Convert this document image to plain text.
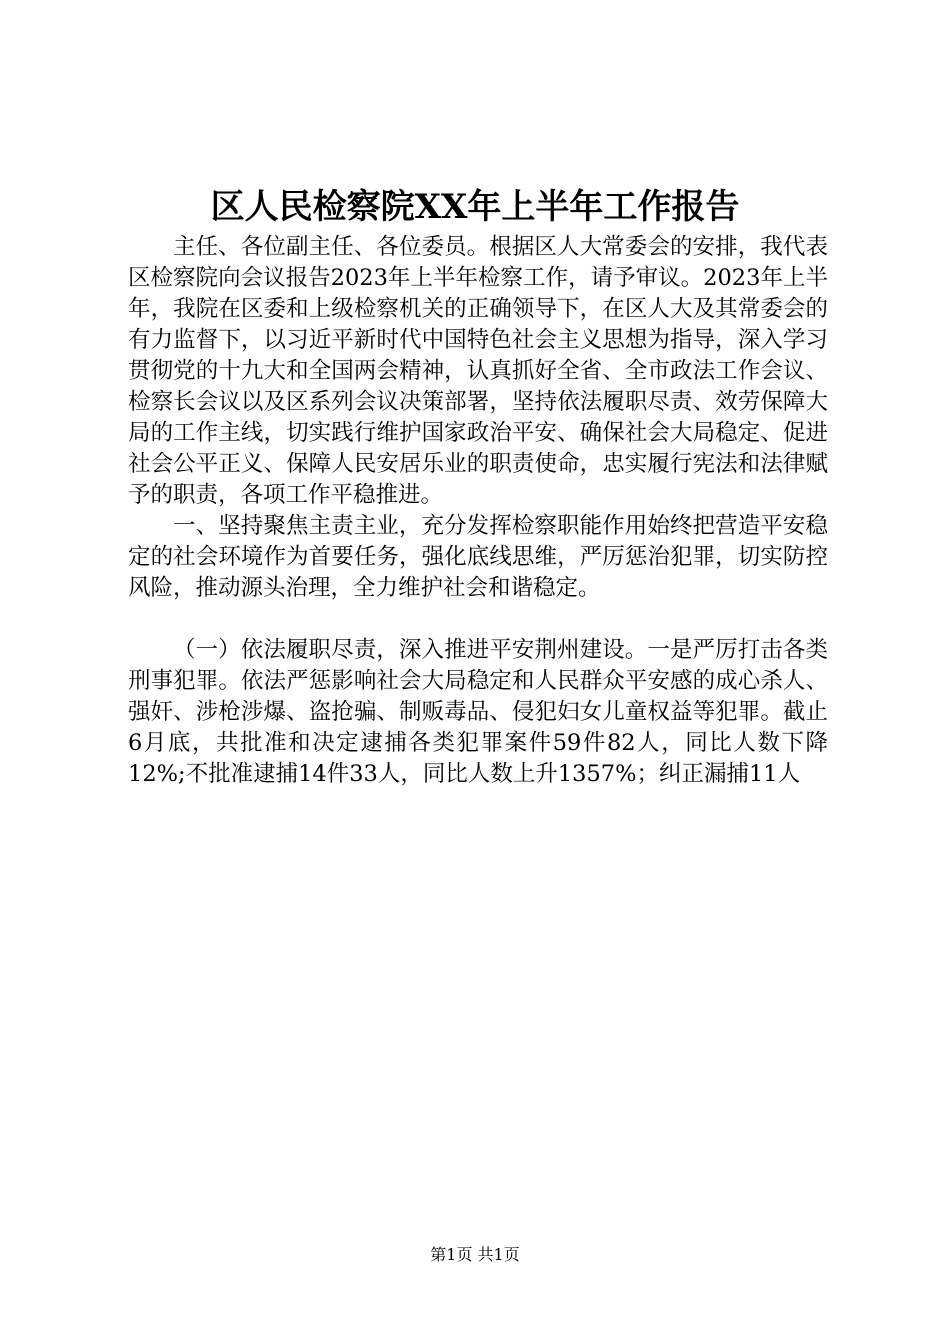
区人民检察院XX年上半年工作报告

主任、各位副主任、各位委员。根据区人大常委会的安排，我代表区检察院向会议报告2023年上半年检察工作，请予审议。2023年上半年，我院在区委和上级检察机关的正确领导下，在区人大及其常委会的有力监督下，以习近平新时代中国特色社会主义思想为指导，深入学习贯彻党的十九大和全国两会精神，认真抓好全省、全市政法工作会议、检察长会议以及区系列会议决策部署，坚持依法履职尽责、效劳保障大局的工作主线，切实践行维护国家政治平安、确保社会大局稳定、促进社会公平正义、保障人民安居乐业的职责使命，忠实履行宪法和法律赋予的职责，各项工作平稳推进。

一、坚持聚焦主责主业，充分发挥检察职能作用始终把营造平安稳定的社会环境作为首要任务，强化底线思维，严厉惩治犯罪，切实防控风险，推动源头治理，全力维护社会和谐稳定。

（一）依法履职尽责，深入推进平安荆州建设。一是严厉打击各类刑事犯罪。依法严惩影响社会大局稳定和人民群众平安感的成心杀人、强奸、涉枪涉爆、盗抢骗、制贩毒品、侵犯妇女儿童权益等犯罪。截止6月底，共批准和决定逮捕各类犯罪案件59件82人，同比人数下降12%;不批准逮捕14件33人，同比人数上升1357%；纠正漏捕11人

第1页 共1页
